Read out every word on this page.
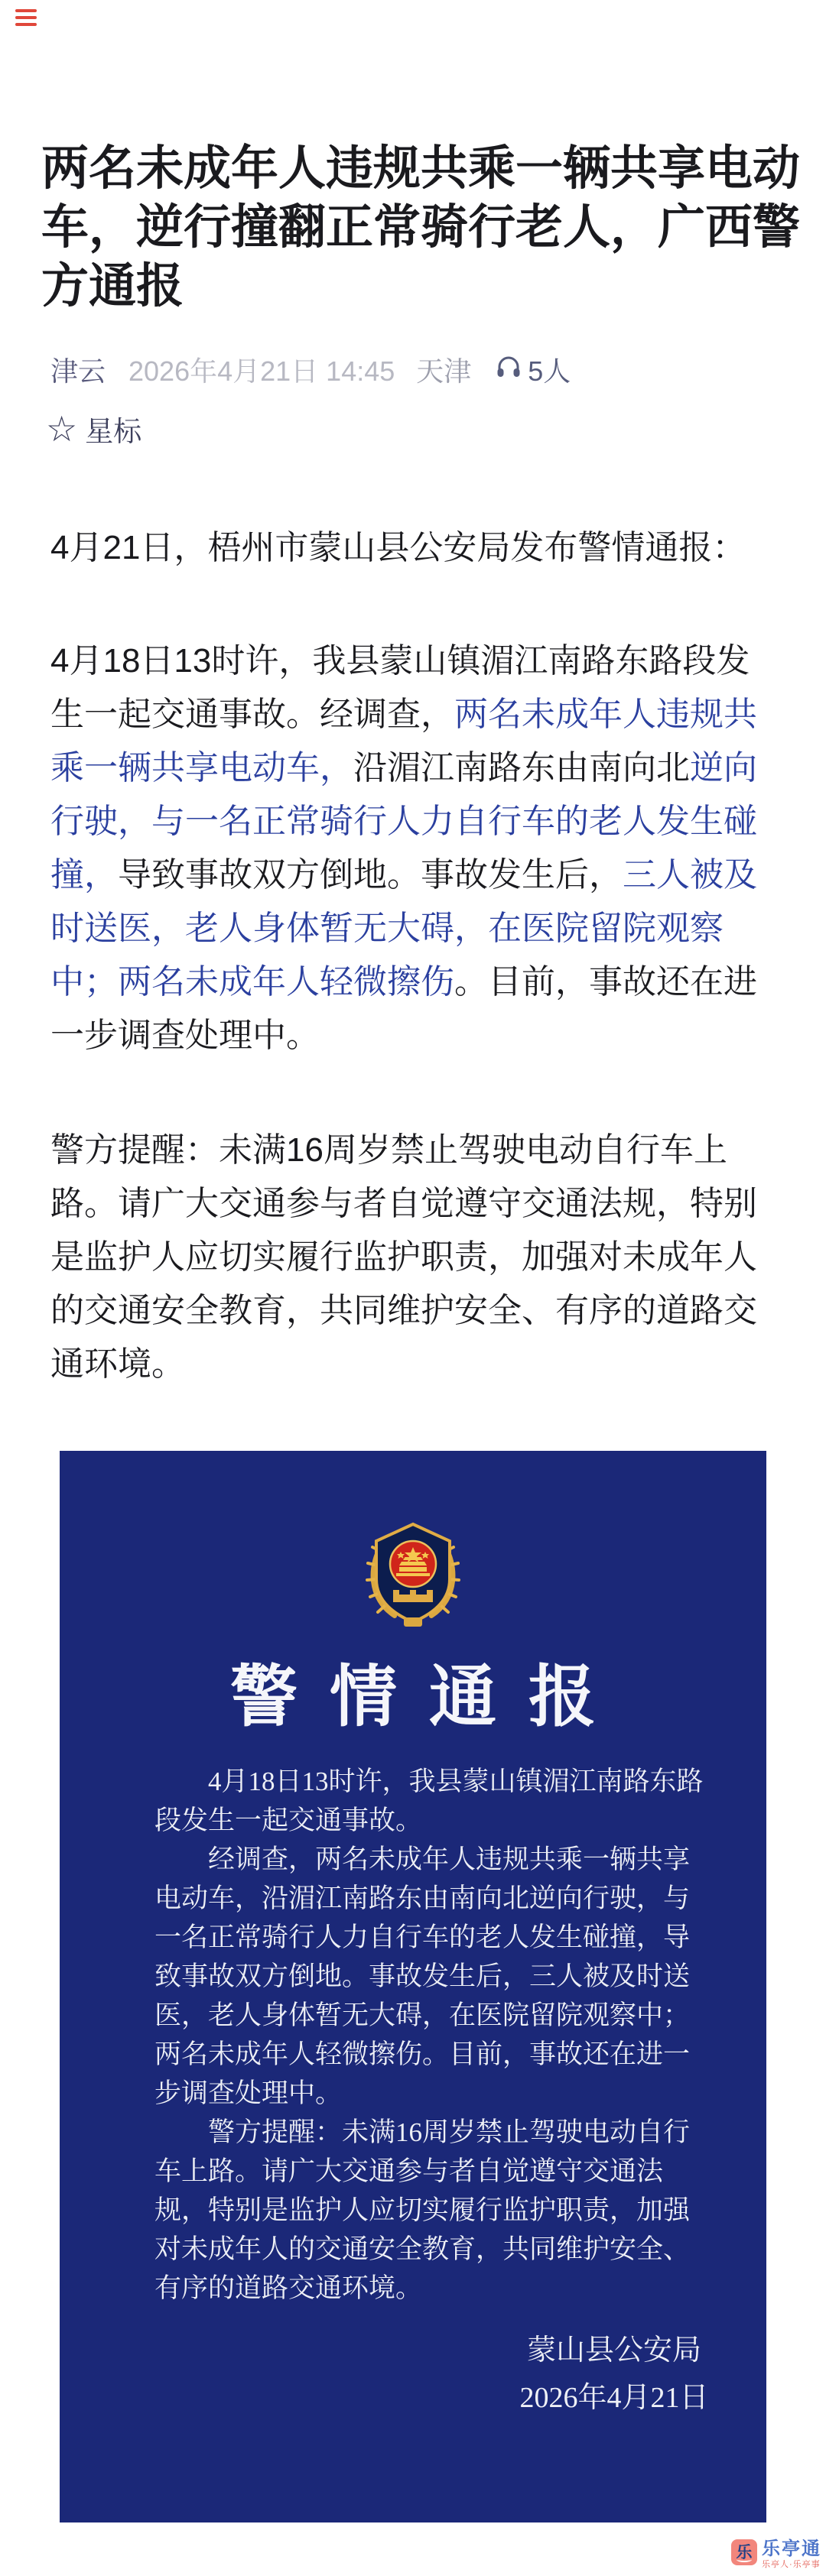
两名未成年人违规共乘一辆共享电动车，逆行撞翻正常骑行老人，广西警方通报
津云 2026年4月21日 14:45 天津 5人
☆ 星标

4月21日，梧州市蒙山县公安局发布警情通报：

4月18日13时许，我县蒙山镇湄江南路东路段发生一起交通事故。经调查，两名未成年人违规共乘一辆共享电动车，沿湄江南路东由南向北逆向行驶，与一名正常骑行人力自行车的老人发生碰撞，导致事故双方倒地。事故发生后，三人被及时送医，老人身体暂无大碍，在医院留院观察中；两名未成年人轻微擦伤。目前，事故还在进一步调查处理中。

警方提醒：未满16周岁禁止驾驶电动自行车上路。请广大交通参与者自觉遵守交通法规，特别是监护人应切实履行监护职责，加强对未成年人的交通安全教育，共同维护安全、有序的道路交通环境。

警情通报

4月18日13时许，我县蒙山镇湄江南路东路段发生一起交通事故。

经调查，两名未成年人违规共乘一辆共享电动车，沿湄江南路东由南向北逆向行驶，与一名正常骑行人力自行车的老人发生碰撞，导致事故双方倒地。事故发生后，三人被及时送医，老人身体暂无大碍，在医院留院观察中；两名未成年人轻微擦伤。目前，事故还在进一步调查处理中。

警方提醒：未满16周岁禁止驾驶电动自行车上路。请广大交通参与者自觉遵守交通法规，特别是监护人应切实履行监护职责，加强对未成年人的交通安全教育，共同维护安全、有序的道路交通环境。

蒙山县公安局
2026年4月21日
乐 乐亭通
乐亭人·乐亭事
